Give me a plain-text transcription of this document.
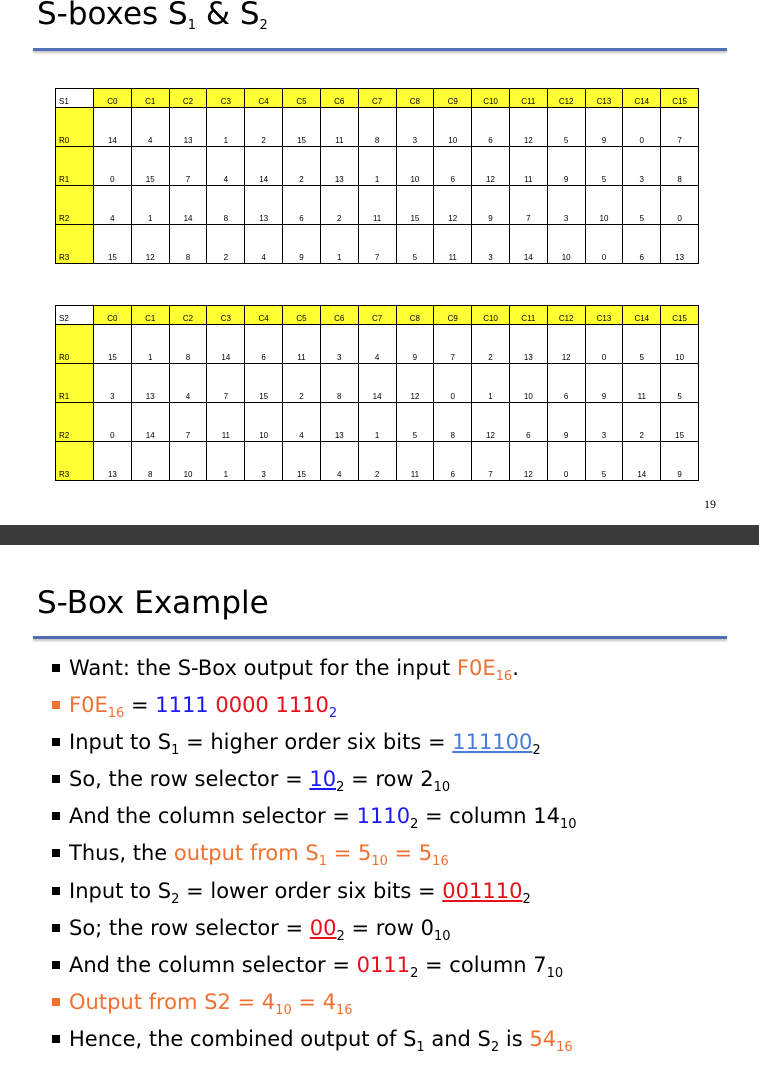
S-boxes $S_1$ & $S_2$
S1	C0	C1	C2	C3	C4	C5	C6	C7	C8	C9	C10	C11	C12	C13	C14	C15
R0	14	4	13	1	2	15	11	8	3	10	6	12	5	9	0	7
R1	0	15	7	4	14	2	13	1	10	6	12	11	9	5	3	8
R2	4	1	14	8	13	6	2	11	15	12	9	7	3	10	5	0
R3	15	12	8	2	4	9	1	7	5	11	3	14	10	0	6	13
S2	C0	C1	C2	C3	C4	C5	C6	C7	C8	C9	C10	C11	C12	C13	C14	C15
R0	15	1	8	14	6	11	3	4	9	7	2	13	12	0	5	10
R1	3	13	4	7	15	2	8	14	12	0	1	10	6	9	11	5
R2	0	14	7	11	10	4	13	1	5	8	12	6	9	3	2	15
R3	13	8	10	1	3	15	4	2	11	6	7	12	0	5	14	9
19
S-Box Example
Want: the S-Box output for the input $F0E_{16}$.
$F0E_{16} = 1111$ 0000 $1110_2$
Input to $S_1$ = higher order six bits = $111100_2$
So, the row selector = $10_2$ = row $2_{10}$
And the column selector = $1110_2$ = column $14_{10}$
Thus, the output from $S_1 = 5_{10} = 5_{16}$
Input to $S_2$ = lower order six bits = $001110_2$
So; the row selector = $00_2$ = row $0_{10}$
And the column selector = $0111_2$ = column $7_{10}$
Output from $S2 = 4_{10} = 4_{16}$
Hence, the combined output of $S_1$ and $S_2$ is $54_{16}$
